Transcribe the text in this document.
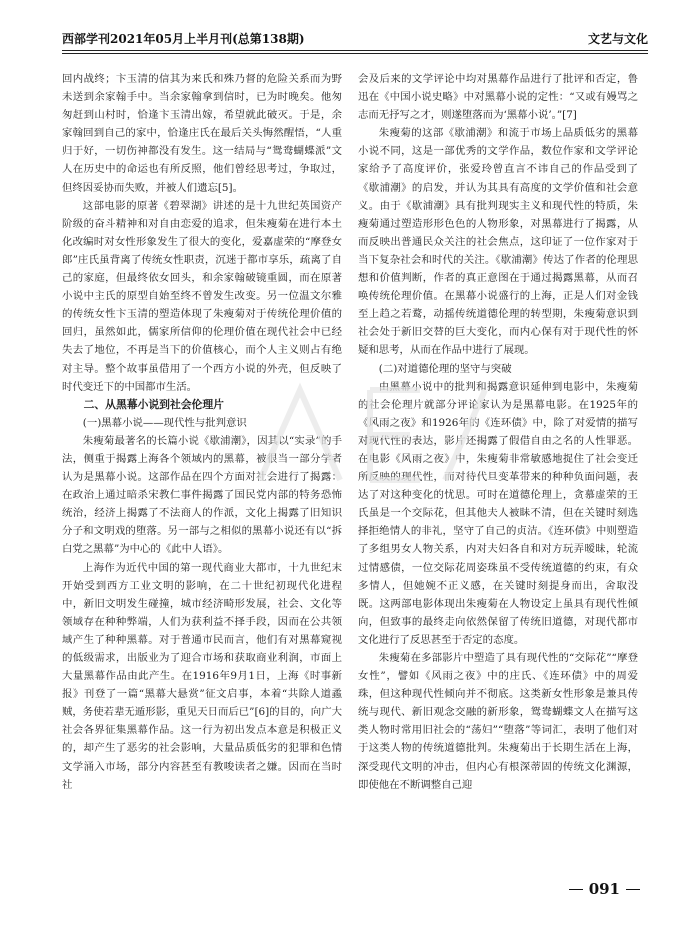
西部学刊2021年05月上半月刊(总第138期)	文艺与文化

回内战终；卞玉清的信其为来氏和殊乃督的危险关系而为野未送到余家翰手中。当余家翰拿到信时，已为时晚矣。他匆匆赶到山村时，恰逢卞玉清出嫁，希望就此破灭。于是，余家翰回到自己的家中，恰逢庄氏在最后关头悔然醒悟，“人重归于好，一切伤神都没有发生。这一结局与“鸳鸯蝴蝶派”文人在历史中的命运也有所反照，他们曾经思考过，争取过，但终因妥协而失败，并被人们遗忘[5]。

这部电影的原著《碧翠湖》讲述的是十九世纪英国资产阶级的奋斗精神和对自由恋爱的追求，但朱瘦菊在进行本土化改编时对女性形象发生了很大的变化，爱嘉虚荣的“摩登女郎”庄氏虽背离了传统女性职责，沉迷于都市享乐，疏离了自己的家庭，但最终依女回头，和余家翰破镜重圆，而在原著小说中主氏的原型自始至终不曾发生改变。另一位温文尔雅的传统女性卞玉清的塑造体现了朱瘦菊对于传统伦理价值的回归，虽然如此，儒家所信仰的伦理价值在现代社会中已经失去了地位，不再是当下的价值核心，而个人主义则占有绝对主导。整个故事虽借用了一个西方小说的外壳，但反映了时代变迁下的中国都市生活。

二、从黑幕小说到社会伦理片

(一)黑幕小说——现代性与批判意识

朱瘦菊最著名的长篇小说《歇浦潮》，因其以“实录”的手法，侧重于揭露上海各个领域内的黑幕，被很当一部分学者认为是黑幕小说。这部作品在四个方面对社会进行了揭露：在政治上通过暗杀宋教仁事件揭露了国民党内部的特务恐怖统治，经济上揭露了不法商人的作派，文化上揭露了旧知识分子和文明戏的堕落。另一部与之相似的黑幕小说还有以“拆白党之黑幕”为中心的《此中人语》。

上海作为近代中国的第一现代商业大都市，十九世纪末开始受到西方工业文明的影响，在二十世纪初现代化进程中，新旧文明发生碰撞，城市经济畸形发展，社会、文化等领域存在种种弊端，人们为获利益不择手段，因而在公共领域产生了种种黑幕。对于普通市民而言，他们有对黑幕窥视的低级需求，出版业为了迎合市场和获取商业利润，市面上大量黑幕作品由此产生。在1916年9月1日，上海《时事新报》刊登了一篇“黑幕大悬赏”征文启事，本着“共除人道蟊贼，务使若辈无遁形影，重见天日而后已”[6]的目的，向广大社会各界征集黑幕作品。这一行为初出发点本意是积极正义的，却产生了恶劣的社会影响，大量品质低劣的犯罪和色情文学涌入市场，部分内容甚至有教唆读者之嫌。因而在当时社

会及后来的文学评论中均对黑幕作品进行了批评和否定，鲁迅在《中国小说史略》中对黑幕小说的定性：“又或有嫚骂之志而无抒写之才，则遂堕落而为‘黑幕小说’。”[7]

朱瘦菊的这部《歇浦潮》和流于市场上品质低劣的黑幕小说不同，这是一部优秀的文学作品，数位作家和文学评论家给予了高度评价，张爱玲曾直言不讳自己的作品受到了《歇浦潮》的启发，并认为其具有高度的文学价值和社会意义。由于《歇浦潮》具有批判现实主义和现代性的特质，朱瘦菊通过塑造形形色色的人物形象，对黑幕进行了揭露，从而反映出普通民众关注的社会焦点，这印证了一位作家对于当下复杂社会和时代的关注。《歇浦潮》传达了作者的伦理思想和价值判断，作者的真正意图在于通过揭露黑幕，从而召唤传统伦理价值。在黑幕小说盛行的上海，正是人们对金钱至上趋之若鹜，动摇传统道德伦理的转型期，朱瘦菊意识到社会处于新旧交替的巨大变化，而内心保有对于现代性的怀疑和思考，从而在作品中进行了展现。

(二)对道德伦理的坚守与突破

由黑幕小说中的批判和揭露意识延伸到电影中，朱瘦菊的社会伦理片就部分评论家认为是黑幕电影。在1925年的《风雨之夜》和1926年的《连环债》中，除了对爱情的描写对现代性的表达，影片还揭露了假借自由之名的人性罪恶。在电影《风雨之夜》中，朱瘦菊非常敏感地捉住了社会变迁所反映的现代性，而对待代旦变革带来的种种负面问题，表达了对这种变化的忧思。可时在道德伦理上，贪慕虚荣的王氏虽是一个交际花，但其他夫人被眛不清，但在关键时刻选择拒绝情人的非礼，坚守了自己的贞洁。《连环债》中则塑造了多组男女人物关系，内对夫妇各自和对方玩弄暧昧，轮流过情感债，一位交际花周姿珠虽不受传统道德的约束，有众多情人，但她婉不正义感，在关键时刻提身而出，舍取没既。这两部电影体现出朱瘦菊在人物设定上虽具有现代性倾向，但致事的最终走向依然保留了传统旧道德，对现代都市文化进行了反思甚至于否定的态度。

朱瘦菊在多部影片中塑造了具有现代性的“交际花”“摩登女性”，譬如《风雨之夜》中的庄氏、《连环债》中的周爱珠，但这种现代性倾向并不彻底。这类新女性形象是兼具传统与现代、新旧观念交融的新形象，鸳鸯蝴蝶文人在描写这类人物时常用旧社会的“荡妇”“堕落”等词汇，表明了他们对于这类人物的传统道德批判。朱瘦菊出于长期生活在上海，深受现代文明的冲击，但内心有根深蒂固的传统文化渊源，即使他在不断调整自己迎

091
